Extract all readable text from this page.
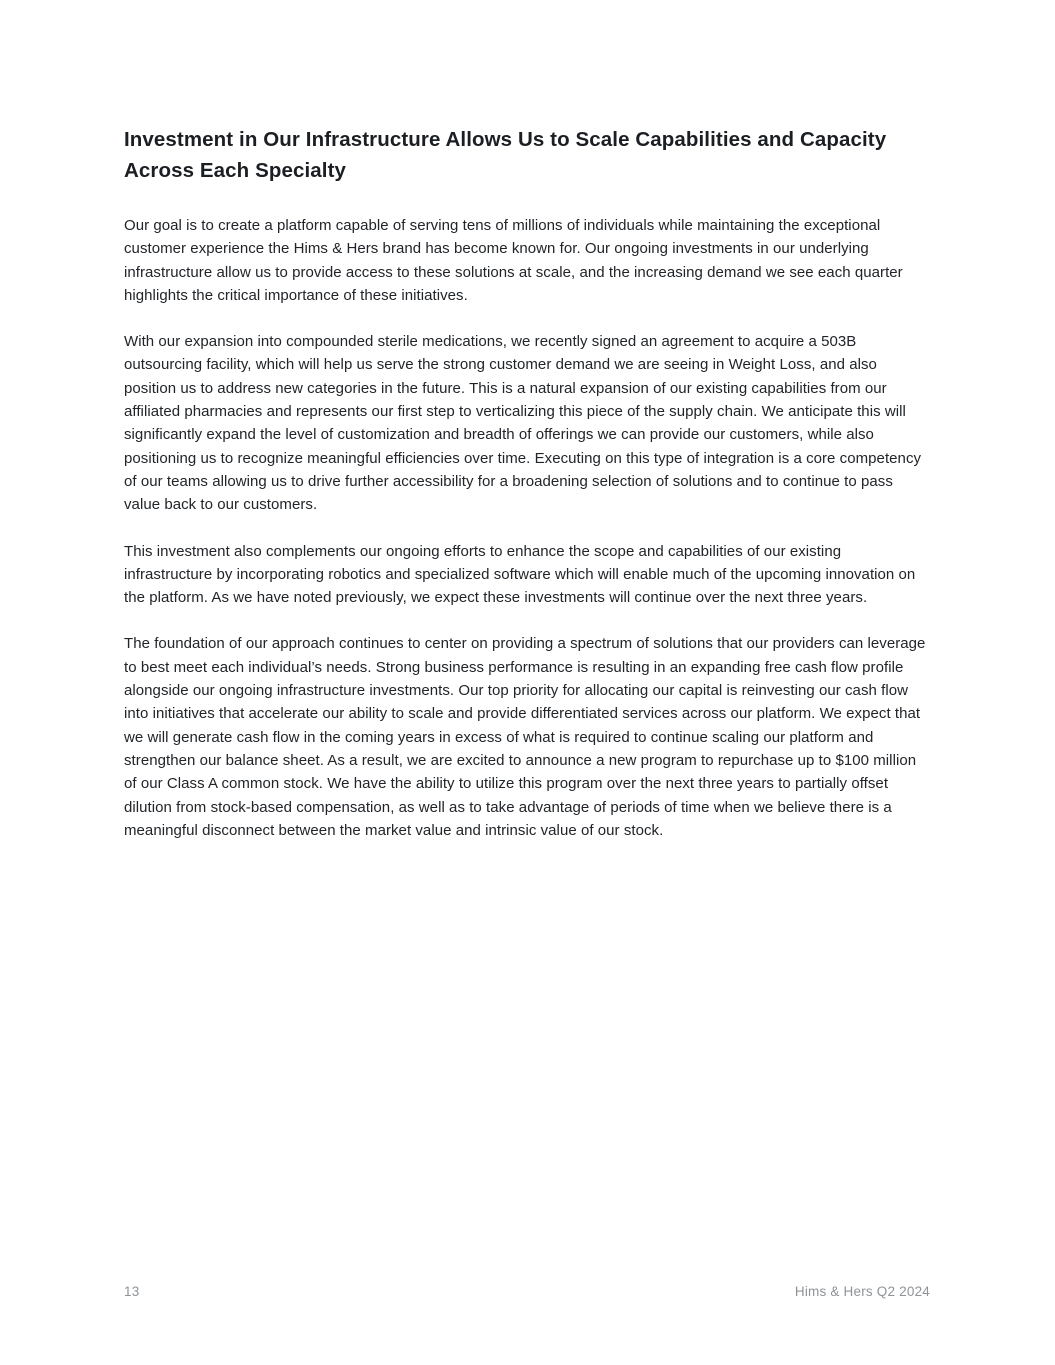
Investment in Our Infrastructure Allows Us to Scale Capabilities and Capacity Across Each Specialty

Our goal is to create a platform capable of serving tens of millions of individuals while maintaining the exceptional customer experience the Hims & Hers brand has become known for. Our ongoing investments in our underlying infrastructure allow us to provide access to these solutions at scale, and the increasing demand we see each quarter highlights the critical importance of these initiatives.

With our expansion into compounded sterile medications, we recently signed an agreement to acquire a 503B outsourcing facility, which will help us serve the strong customer demand we are seeing in Weight Loss, and also position us to address new categories in the future. This is a natural expansion of our existing capabilities from our affiliated pharmacies and represents our first step to verticalizing this piece of the supply chain. We anticipate this will significantly expand the level of customization and breadth of offerings we can provide our customers, while also positioning us to recognize meaningful efficiencies over time. Executing on this type of integration is a core competency of our teams allowing us to drive further accessibility for a broadening selection of solutions and to continue to pass value back to our customers.

This investment also complements our ongoing efforts to enhance the scope and capabilities of our existing infrastructure by incorporating robotics and specialized software which will enable much of the upcoming innovation on the platform. As we have noted previously, we expect these investments will continue over the next three years.

The foundation of our approach continues to center on providing a spectrum of solutions that our providers can leverage to best meet each individual’s needs. Strong business performance is resulting in an expanding free cash flow profile alongside our ongoing infrastructure investments. Our top priority for allocating our capital is reinvesting our cash flow into initiatives that accelerate our ability to scale and provide differentiated services across our platform. We expect that we will generate cash flow in the coming years in excess of what is required to continue scaling our platform and strengthen our balance sheet. As a result, we are excited to announce a new program to repurchase up to $100 million of our Class A common stock. We have the ability to utilize this program over the next three years to partially offset dilution from stock-based compensation, as well as to take advantage of periods of time when we believe there is a meaningful disconnect between the market value and intrinsic value of our stock.

13	Hims & Hers Q2 2024
